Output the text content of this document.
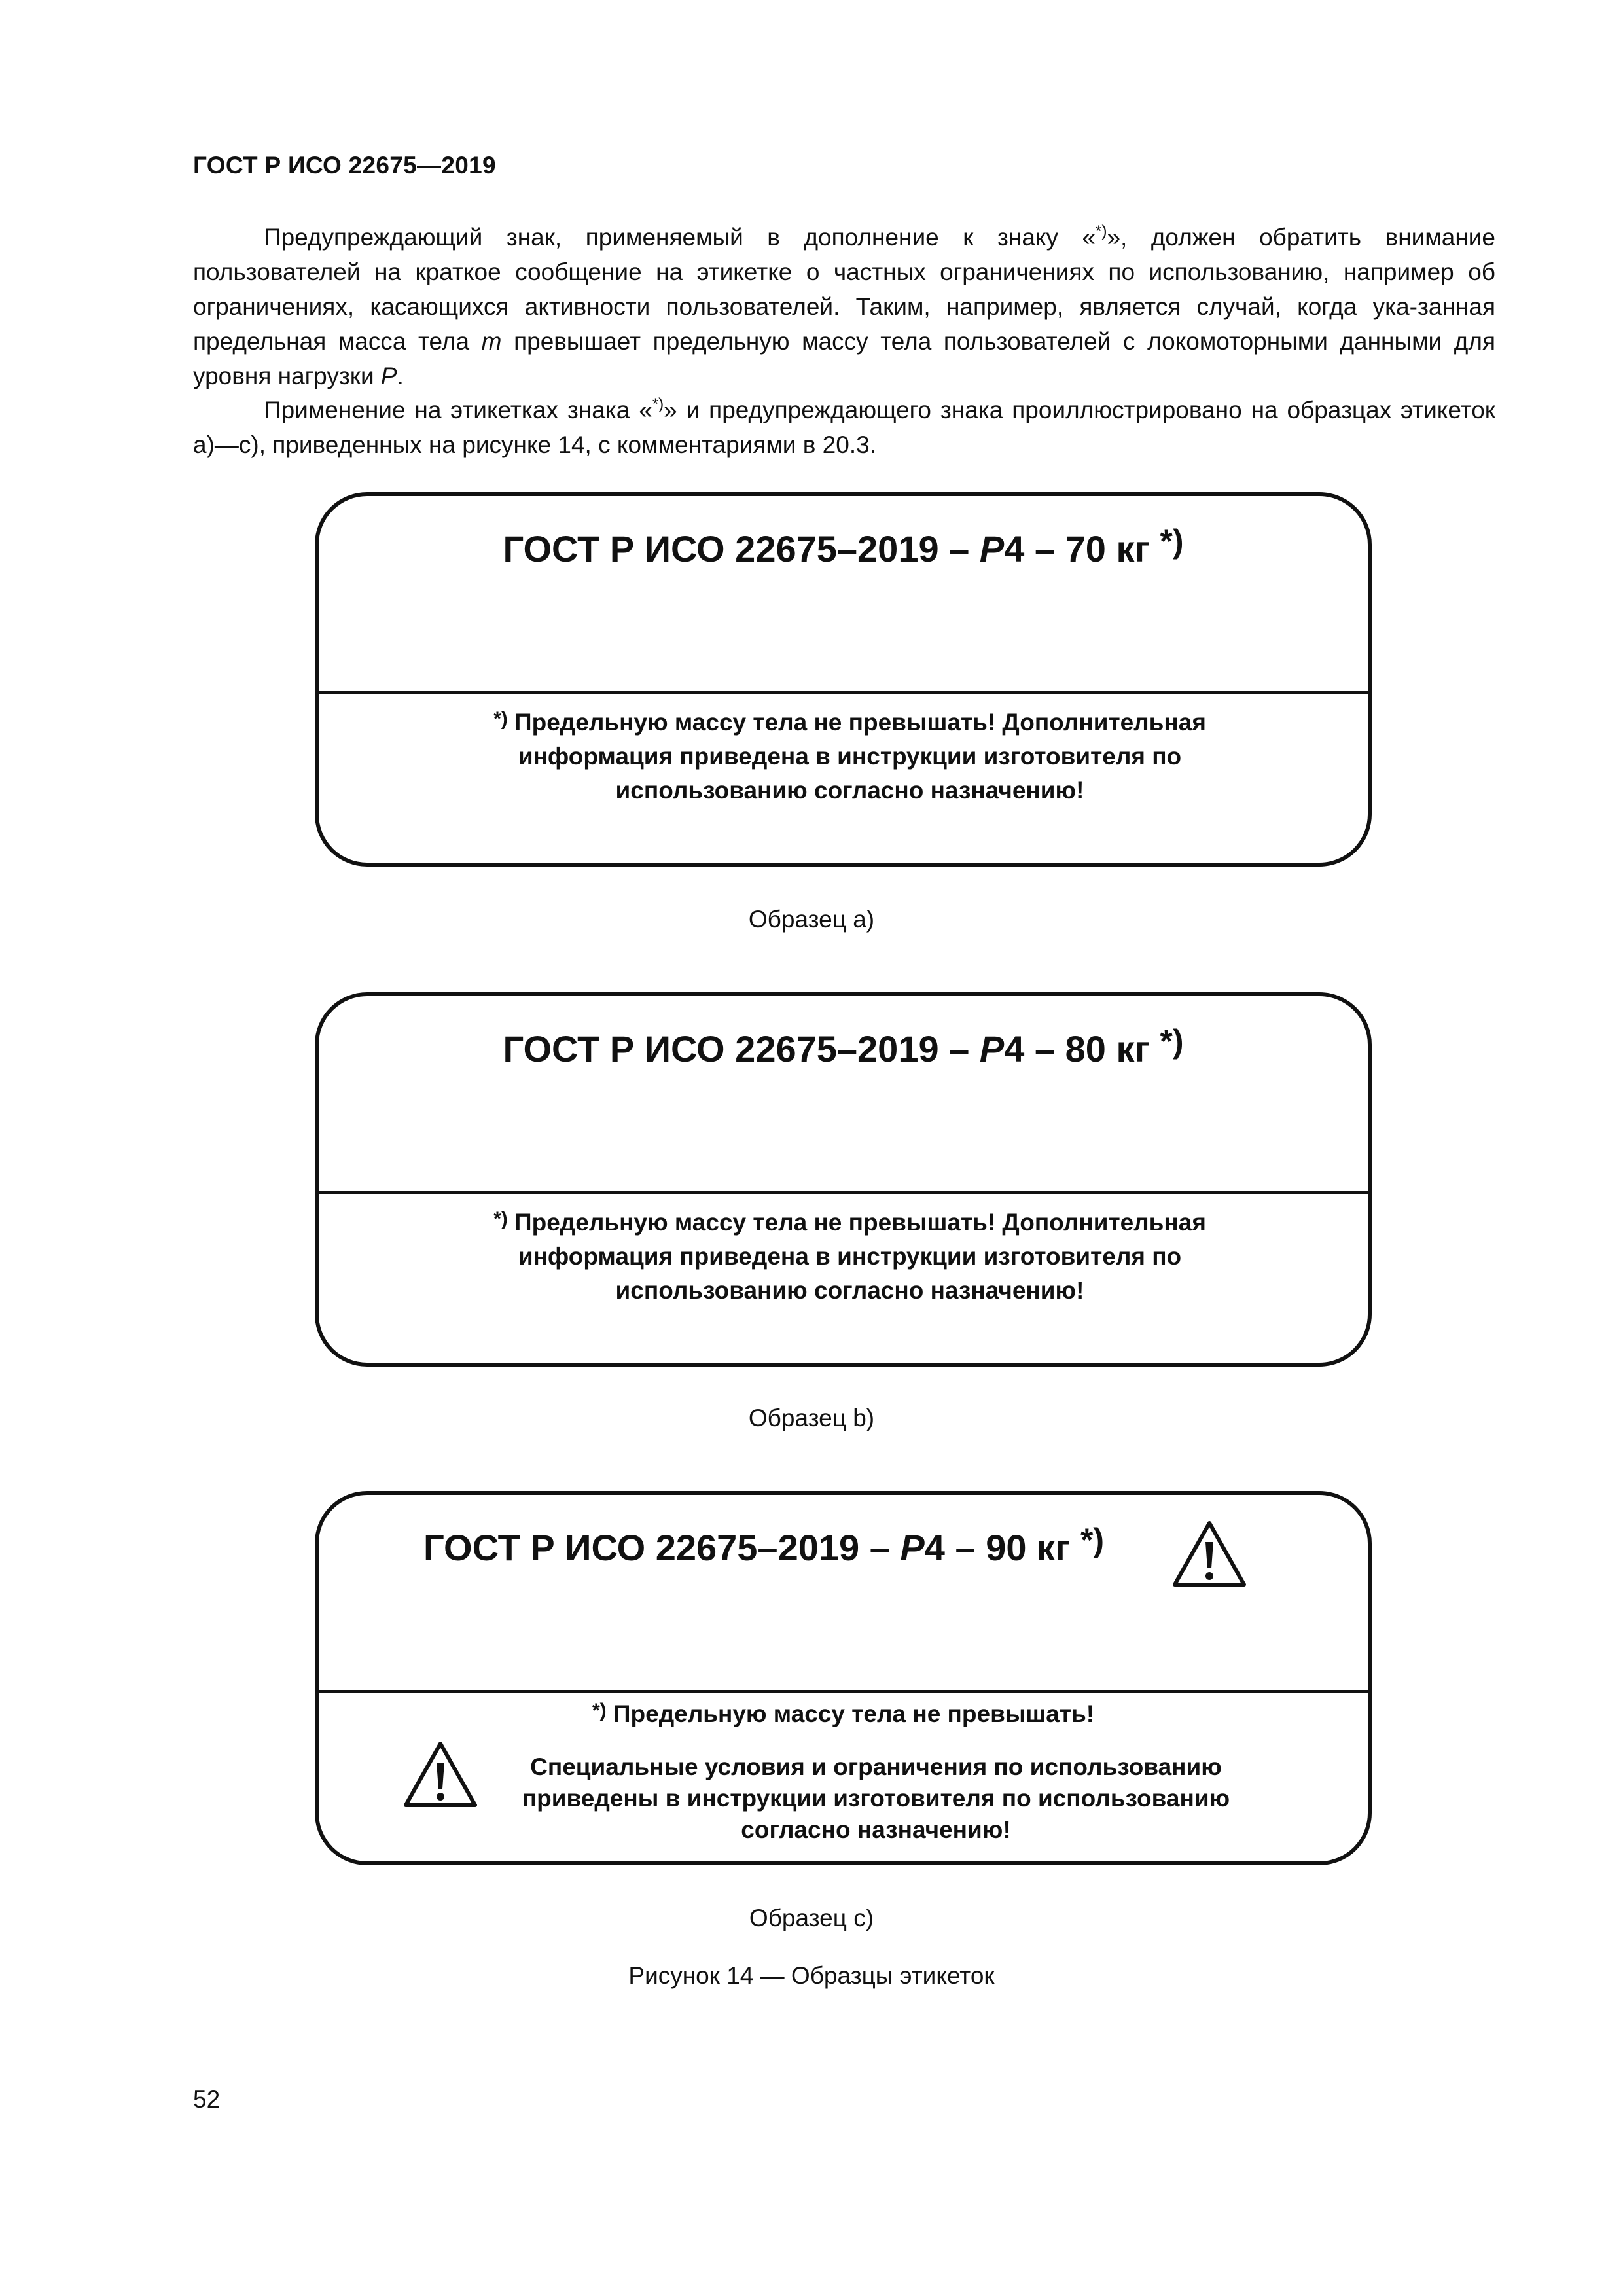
ГОСТ Р ИСО 22675—2019

Предупреждающий знак, применяемый в дополнение к знаку «*)», должен обратить внимание пользователей на краткое сообщение на этикетке о частных ограничениях по использованию, например об ограничениях, касающихся активности пользователей. Таким, например, является случай, когда ука-занная предельная масса тела m превышает предельную массу тела пользователей с локомоторными данными для уровня нагрузки P.

Применение на этикетках знака «*)» и предупреждающего знака проиллюстрировано на образцах этикеток а)—с), приведенных на рисунке 14, с комментариями в 20.3.

ГОСТ Р ИСО 22675–2019 – P4 – 70 кг *)
*) Предельную массу тела не превышать! Дополнительная информация приведена в инструкции изготовителя по использованию согласно назначению!
Образец а)
ГОСТ Р ИСО 22675–2019 – P4 – 80 кг *)
*) Предельную массу тела не превышать! Дополнительная информация приведена в инструкции изготовителя по использованию согласно назначению!
Образец b)
ГОСТ Р ИСО 22675–2019 – P4 – 90 кг *)
*) Предельную массу тела не превышать!
Специальные условия и ограничения по использованию приведены в инструкции изготовителя по использованию согласно назначению!
Образец с)
Рисунок 14 — Образцы этикеток
52
